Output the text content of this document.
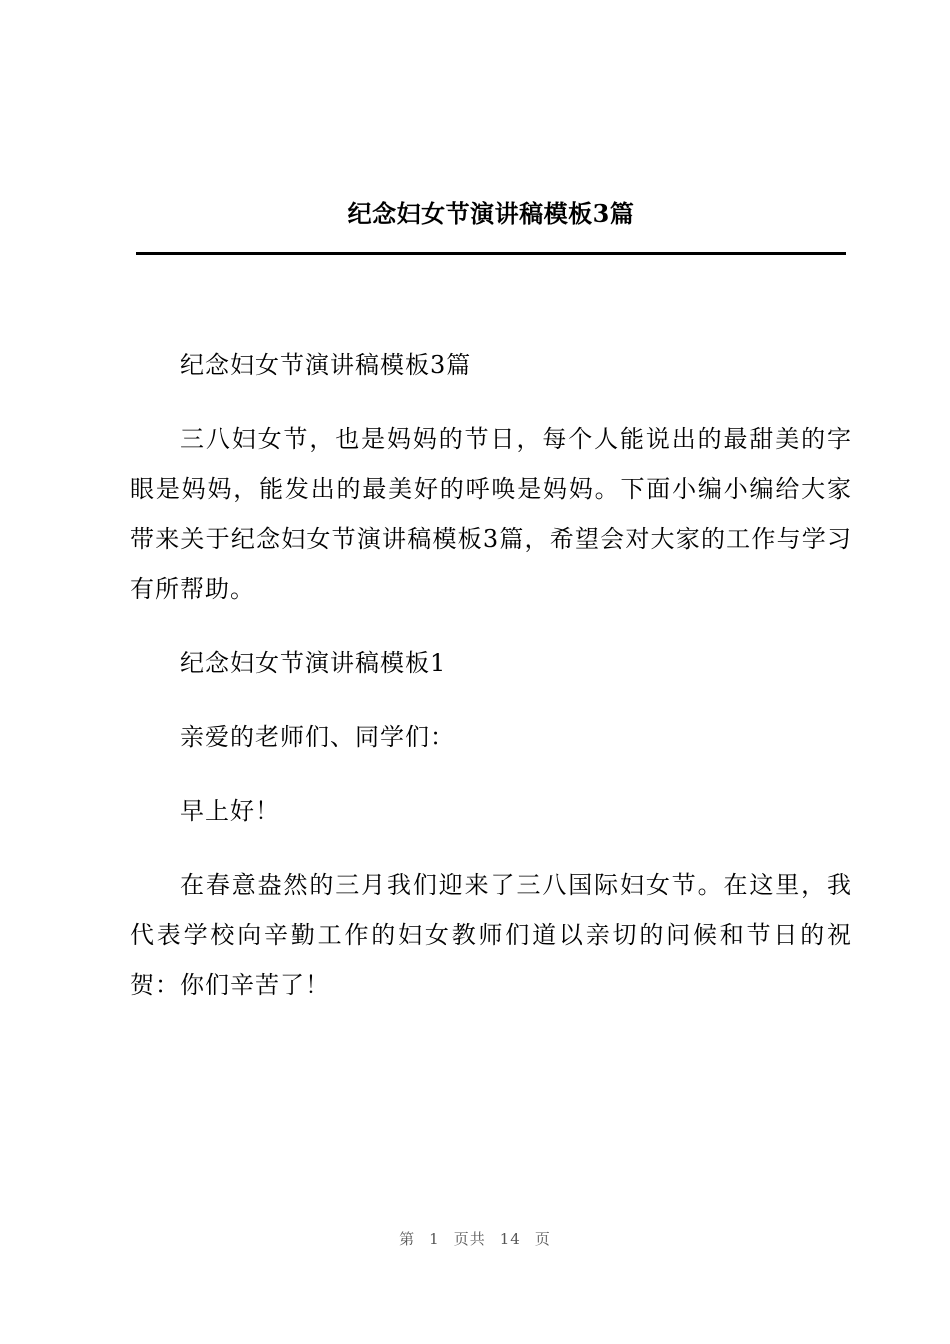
纪念妇女节演讲稿模板3篇

纪念妇女节演讲稿模板3篇

三八妇女节，也是妈妈的节日，每个人能说出的最甜美的字眼是妈妈，能发出的最美好的呼唤是妈妈。下面小编小编给大家带来关于纪念妇女节演讲稿模板3篇，希望会对大家的工作与学习有所帮助。

纪念妇女节演讲稿模板1

亲爱的老师们、同学们：

早上好！

在春意盎然的三月我们迎来了三八国际妇女节。在这里，我代表学校向辛勤工作的妇女教师们道以亲切的问候和节日的祝贺：你们辛苦了！

第 1 页共 14 页
